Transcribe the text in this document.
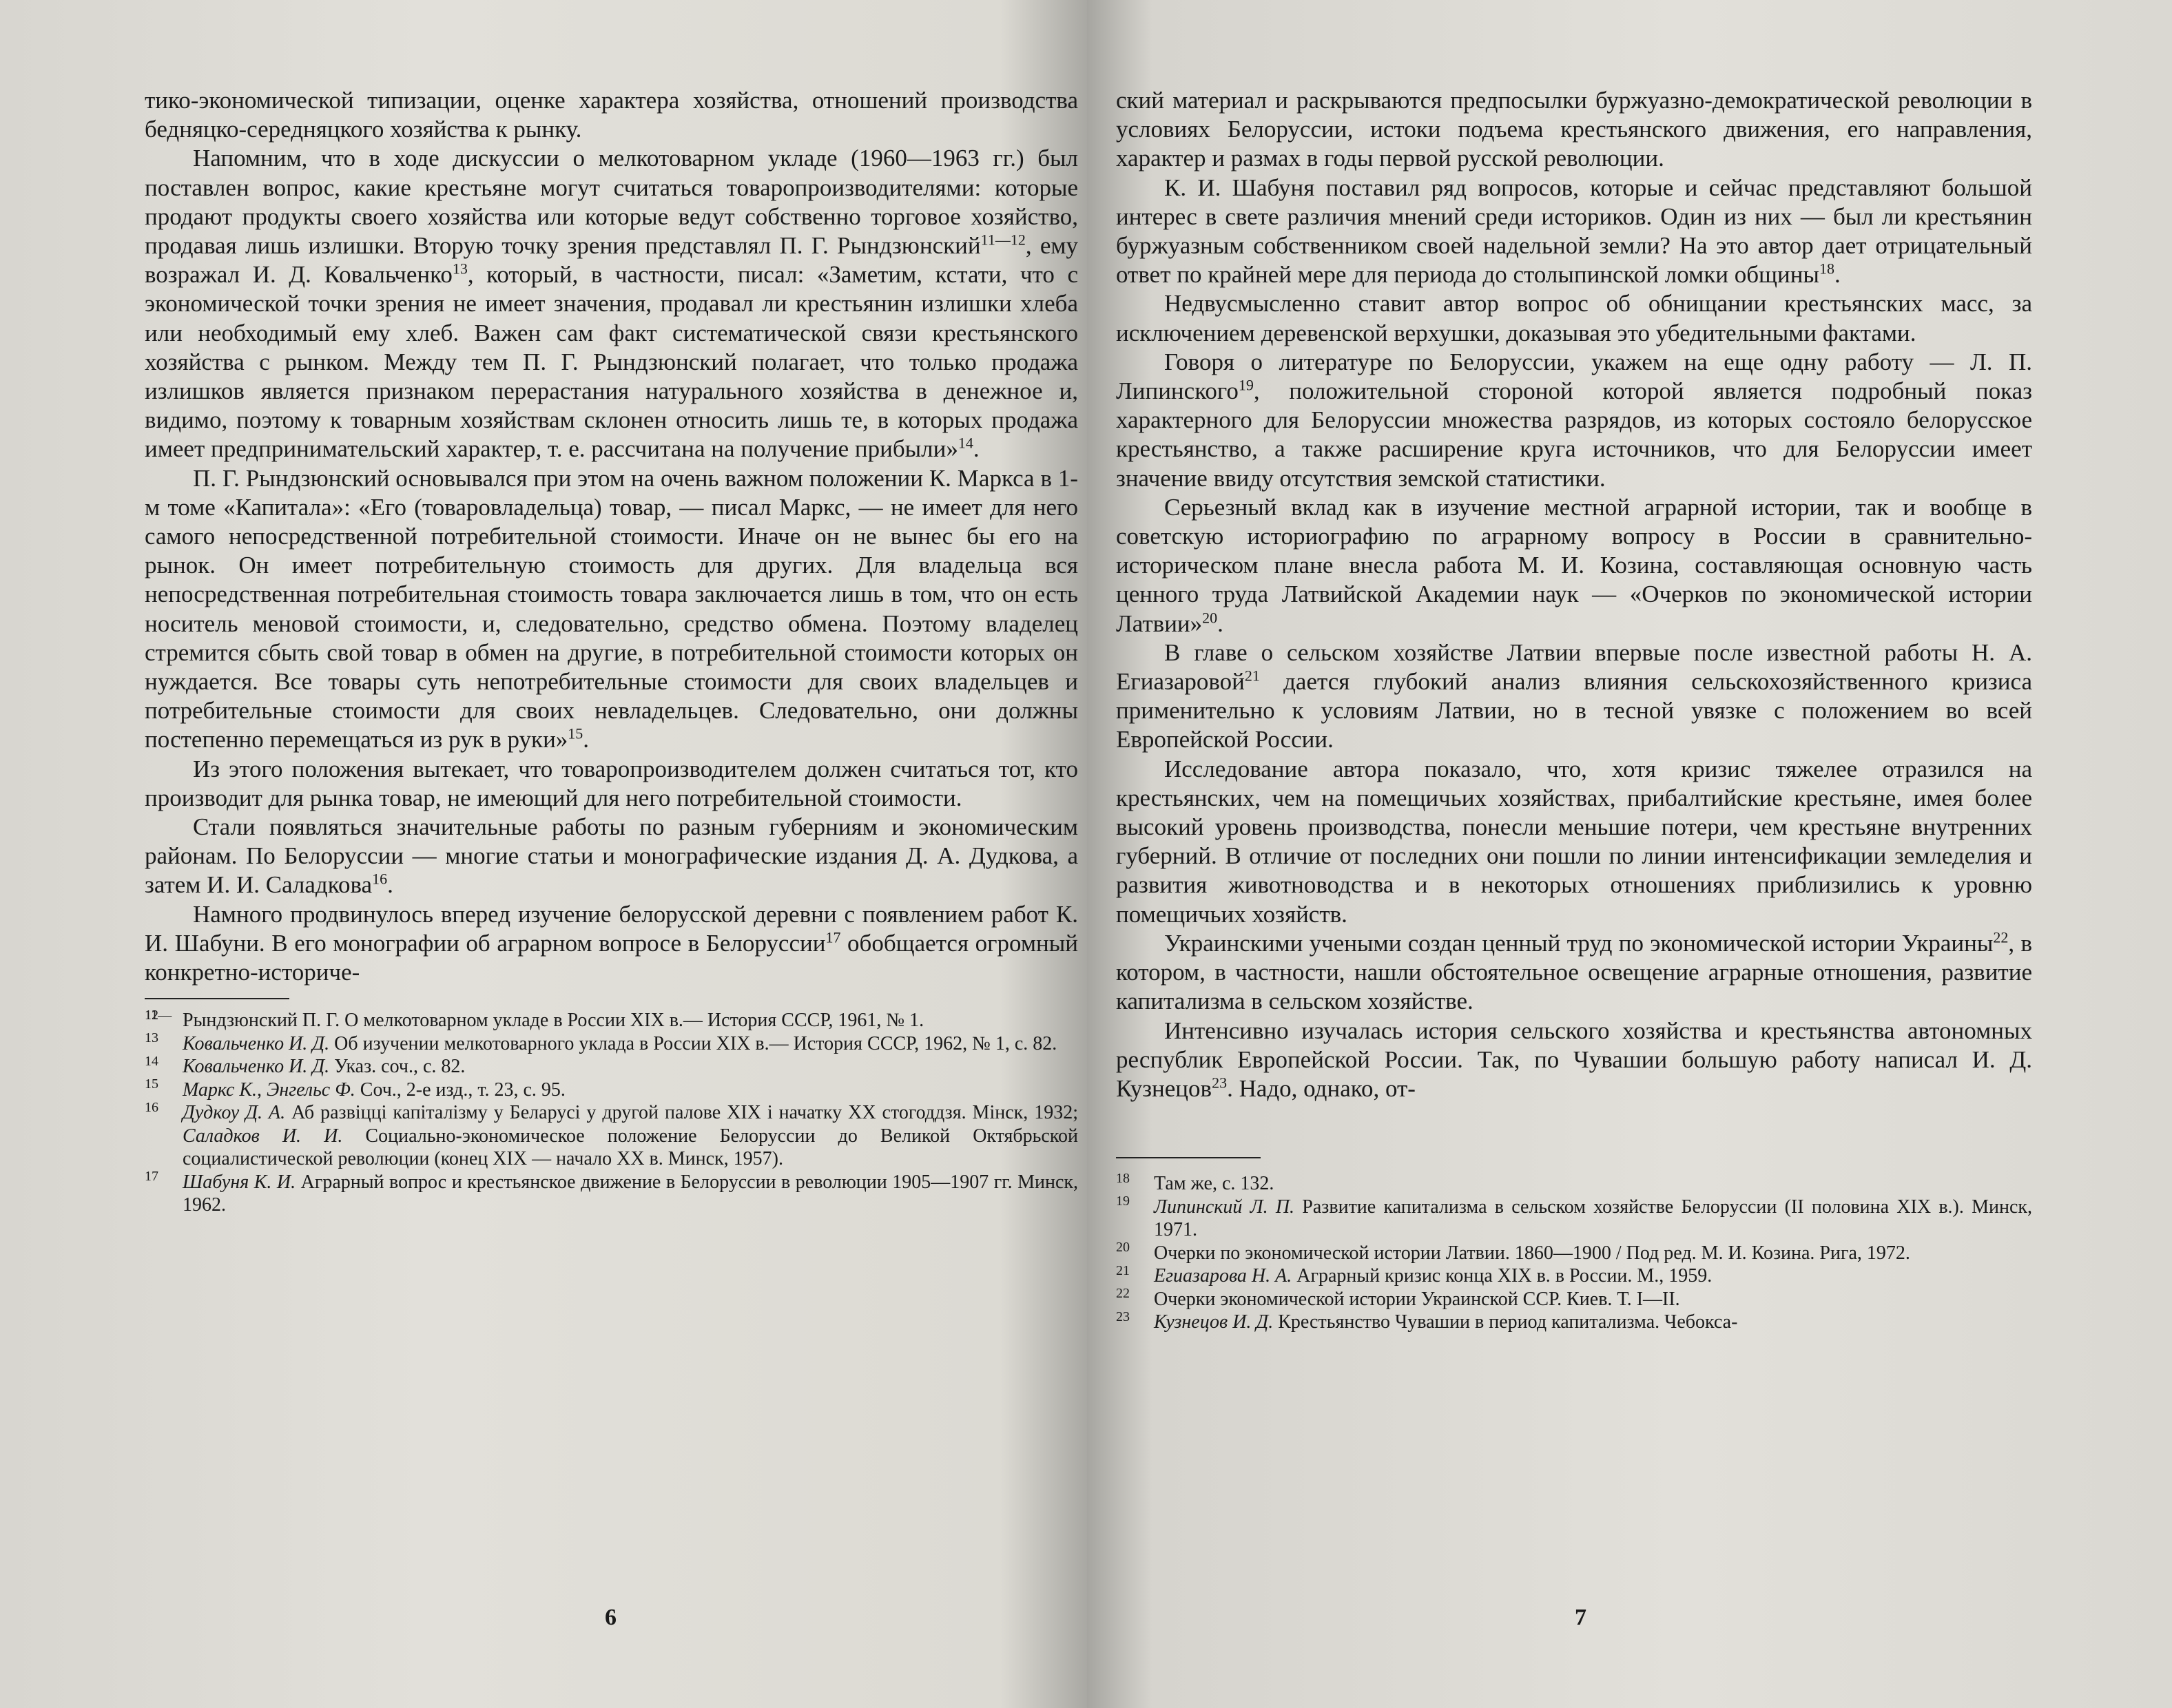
тико-экономической типизации, оценке характера хозяйства, отношений производства бедняцко-середняцкого хозяйства к рынку.

Напомним, что в ходе дискуссии о мелкотоварном укладе (1960—1963 гг.) был поставлен вопрос, какие крестьяне могут считаться товаропроизводителями: которые продают продукты своего хозяйства или которые ведут собственно торговое хозяйство, продавая лишь излишки. Вторую точку зрения представлял П. Г. Рындзюнский$^{11—12}$, ему возражал И. Д. Ковальченко$^{13}$, который, в частности, писал: «Заметим, кстати, что с экономической точки зрения не имеет значения, продавал ли крестьянин излишки хлеба или необходимый ему хлеб. Важен сам факт систематической связи крестьянского хозяйства с рынком. Между тем П. Г. Рындзюнский полагает, что только продажа излишков является признаком перерастания натурального хозяйства в денежное и, видимо, поэтому к товарным хозяйствам склонен относить лишь те, в которых продажа имеет предпринимательский характер, т. е. рассчитана на получение прибыли»$^{14}$.

П. Г. Рындзюнский основывался при этом на очень важном положении К. Маркса в 1-м томе «Капитала»: «Его (товаровладельца) товар, — писал Маркс, — не имеет для него самого непосредственной потребительной стоимости. Иначе он не вынес бы его на рынок. Он имеет потребительную стоимость для других. Для владельца вся непосредственная потребительная стоимость товара заключается лишь в том, что он есть носитель меновой стоимости, и, следовательно, средство обмена. Поэтому владелец стремится сбыть свой товар в обмен на другие, в потребительной стоимости которых он нуждается. Все товары суть непотребительные стоимости для своих владельцев и потребительные стоимости для своих невладельцев. Следовательно, они должны постепенно перемещаться из рук в руки»$^{15}$.

Из этого положения вытекает, что товаропроизводителем должен считаться тот, кто производит для рынка товар, не имеющий для него потребительной стоимости.

Стали появляться значительные работы по разным губерниям и экономическим районам. По Белоруссии — многие статьи и монографические издания Д. А. Дудкова, а затем И. И. Саладкова$^{16}$.

Намного продвинулось вперед изучение белорусской деревни с появлением работ К. И. Шабуни. В его монографии об аграрном вопросе в Белоруссии$^{17}$ обобщается огромный конкретно-историче-

11—12 Рындзюнский П. Г. О мелкотоварном укладе в России XIX в.— История СССР, 1961, № 1.

13 Ковальченко И. Д. Об изучении мелкотоварного уклада в России XIX в.— История СССР, 1962, № 1, с. 82.

14 Ковальченко И. Д. Указ. соч., с. 82.

15 Маркс К., Энгельс Ф. Соч., 2-е изд., т. 23, с. 95.

16 Дудкоу Д. А. Аб развіцці капіталізму у Беларусі у другой палове XIX і начатку XX стогоддзя. Мінск, 1932; Саладков И. И. Социально-экономическое положение Белоруссии до Великой Октябрьской социалистической революции (конец XIX — начало XX в. Минск, 1957).

17 Шабуня К. И. Аграрный вопрос и крестьянское движение в Белоруссии в революции 1905—1907 гг. Минск, 1962.

6

ский материал и раскрываются предпосылки буржуазно-демократической революции в условиях Белоруссии, истоки подъема крестьянского движения, его направления, характер и размах в годы первой русской революции.

К. И. Шабуня поставил ряд вопросов, которые и сейчас представляют большой интерес в свете различия мнений среди историков. Один из них — был ли крестьянин буржуазным собственником своей надельной земли? На это автор дает отрицательный ответ по крайней мере для периода до столыпинской ломки общины$^{18}$.

Недвусмысленно ставит автор вопрос об обнищании крестьянских масс, за исключением деревенской верхушки, доказывая это убедительными фактами.

Говоря о литературе по Белоруссии, укажем на еще одну работу — Л. П. Липинского$^{19}$, положительной стороной которой является подробный показ характерного для Белоруссии множества разрядов, из которых состояло белорусское крестьянство, а также расширение круга источников, что для Белоруссии имеет значение ввиду отсутствия земской статистики.

Серьезный вклад как в изучение местной аграрной истории, так и вообще в советскую историографию по аграрному вопросу в России в сравнительно-историческом плане внесла работа М. И. Козина, составляющая основную часть ценного труда Латвийской Академии наук — «Очерков по экономической истории Латвии»$^{20}$.

В главе о сельском хозяйстве Латвии впервые после известной работы Н. А. Егиазаровой$^{21}$ дается глубокий анализ влияния сельскохозяйственного кризиса применительно к условиям Латвии, но в тесной увязке с положением во всей Европейской России.

Исследование автора показало, что, хотя кризис тяжелее отразился на крестьянских, чем на помещичьих хозяйствах, прибалтийские крестьяне, имея более высокий уровень производства, понесли меньшие потери, чем крестьяне внутренних губерний. В отличие от последних они пошли по линии интенсификации земледелия и развития животноводства и в некоторых отношениях приблизились к уровню помещичьих хозяйств.

Украинскими учеными создан ценный труд по экономической истории Украины$^{22}$, в котором, в частности, нашли обстоятельное освещение аграрные отношения, развитие капитализма в сельском хозяйстве.

Интенсивно изучалась история сельского хозяйства и крестьянства автономных республик Европейской России. Так, по Чувашии большую работу написал И. Д. Кузнецов$^{23}$. Надо, однако, от-

18 Там же, с. 132.

19 Липинский Л. П. Развитие капитализма в сельском хозяйстве Белоруссии (II половина XIX в.). Минск, 1971.

20 Очерки по экономической истории Латвии. 1860—1900 / Под ред. М. И. Козина. Рига, 1972.

21 Егиазарова Н. А. Аграрный кризис конца XIX в. в России. М., 1959.

22 Очерки экономической истории Украинской ССР. Киев. Т. I—II.

23 Кузнецов И. Д. Крестьянство Чувашии в период капитализма. Чебокса-

7
